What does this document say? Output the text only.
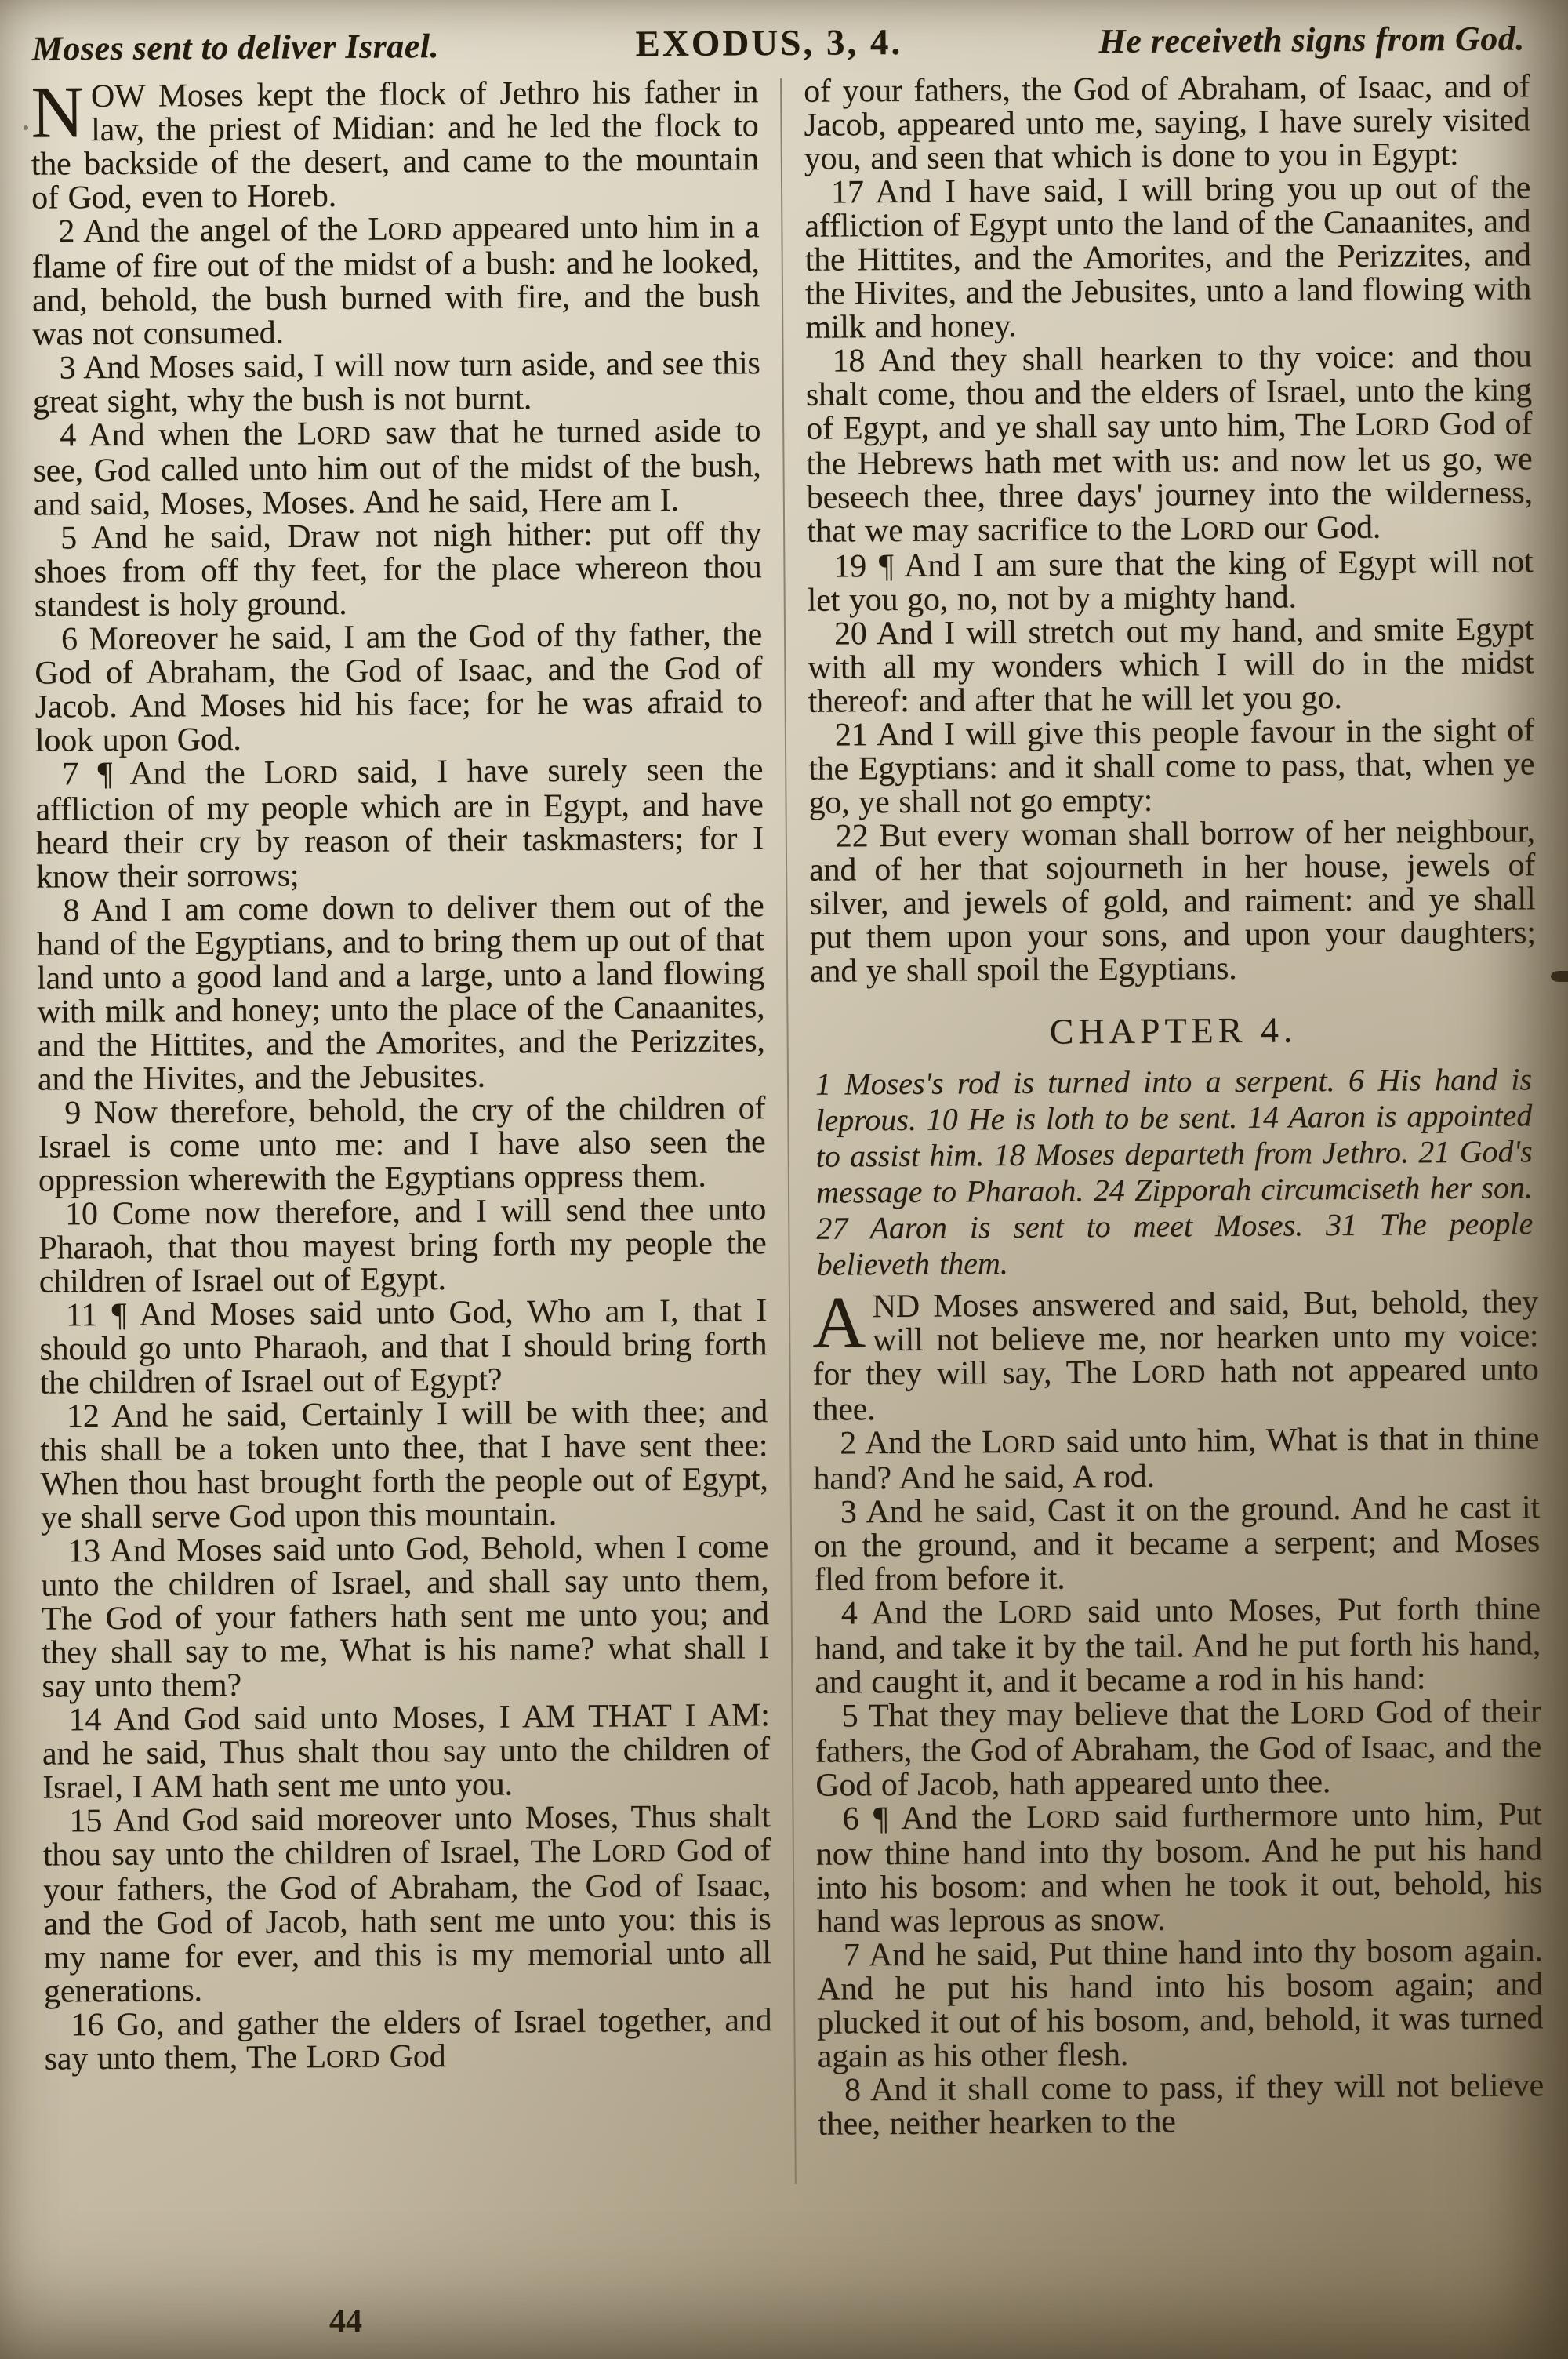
Moses sent to deliver Israel.	EXODUS, 3, 4.	He receiveth signs from God.

NOW Moses kept the flock of Jethro his father in law, the priest of Midian: and he led the flock to the backside of the desert, and came to the mountain of God, even to Horeb.

2 And the angel of the LORD appeared unto him in a flame of fire out of the midst of a bush: and he looked, and, behold, the bush burned with fire, and the bush was not consumed.

3 And Moses said, I will now turn aside, and see this great sight, why the bush is not burnt.

4 And when the LORD saw that he turned aside to see, God called unto him out of the midst of the bush, and said, Moses, Moses. And he said, Here am I.

5 And he said, Draw not nigh hither: put off thy shoes from off thy feet, for the place whereon thou standest is holy ground.

6 Moreover he said, I am the God of thy father, the God of Abraham, the God of Isaac, and the God of Jacob. And Moses hid his face; for he was afraid to look upon God.

7 ¶ And the LORD said, I have surely seen the affliction of my people which are in Egypt, and have heard their cry by reason of their taskmasters; for I know their sorrows;

8 And I am come down to deliver them out of the hand of the Egyptians, and to bring them up out of that land unto a good land and a large, unto a land flowing with milk and honey; unto the place of the Canaanites, and the Hittites, and the Amorites, and the Perizzites, and the Hivites, and the Jebusites.

9 Now therefore, behold, the cry of the children of Israel is come unto me: and I have also seen the oppression wherewith the Egyptians oppress them.

10 Come now therefore, and I will send thee unto Pharaoh, that thou mayest bring forth my people the children of Israel out of Egypt.

11 ¶ And Moses said unto God, Who am I, that I should go unto Pharaoh, and that I should bring forth the children of Israel out of Egypt?

12 And he said, Certainly I will be with thee; and this shall be a token unto thee, that I have sent thee: When thou hast brought forth the people out of Egypt, ye shall serve God upon this mountain.

13 And Moses said unto God, Behold, when I come unto the children of Israel, and shall say unto them, The God of your fathers hath sent me unto you; and they shall say to me, What is his name? what shall I say unto them?

14 And God said unto Moses, I AM THAT I AM: and he said, Thus shalt thou say unto the children of Israel, I AM hath sent me unto you.

15 And God said moreover unto Moses, Thus shalt thou say unto the children of Israel, The LORD God of your fathers, the God of Abraham, the God of Isaac, and the God of Jacob, hath sent me unto you: this is my name for ever, and this is my memorial unto all generations.

16 Go, and gather the elders of Israel together, and say unto them, The LORD God

of your fathers, the God of Abraham, of Isaac, and of Jacob, appeared unto me, saying, I have surely visited you, and seen that which is done to you in Egypt:

17 And I have said, I will bring you up out of the affliction of Egypt unto the land of the Canaanites, and the Hittites, and the Amorites, and the Perizzites, and the Hivites, and the Jebusites, unto a land flowing with milk and honey.

18 And they shall hearken to thy voice: and thou shalt come, thou and the elders of Israel, unto the king of Egypt, and ye shall say unto him, The LORD God of the Hebrews hath met with us: and now let us go, we beseech thee, three days' journey into the wilderness, that we may sacrifice to the LORD our God.

19 ¶ And I am sure that the king of Egypt will not let you go, no, not by a mighty hand.

20 And I will stretch out my hand, and smite Egypt with all my wonders which I will do in the midst thereof: and after that he will let you go.

21 And I will give this people favour in the sight of the Egyptians: and it shall come to pass, that, when ye go, ye shall not go empty:

22 But every woman shall borrow of her neighbour, and of her that sojourneth in her house, jewels of silver, and jewels of gold, and raiment: and ye shall put them upon your sons, and upon your daughters; and ye shall spoil the Egyptians.

CHAPTER 4.

1 Moses's rod is turned into a serpent. 6 His hand is leprous. 10 He is loth to be sent. 14 Aaron is appointed to assist him. 18 Moses departeth from Jethro. 21 God's message to Pharaoh. 24 Zipporah circumciseth her son. 27 Aaron is sent to meet Moses. 31 The people believeth them.

AND Moses answered and said, But, behold, they will not believe me, nor hearken unto my voice: for they will say, The LORD hath not appeared unto thee.

2 And the LORD said unto him, What is that in thine hand? And he said, A rod.

3 And he said, Cast it on the ground. And he cast it on the ground, and it became a serpent; and Moses fled from before it.

4 And the LORD said unto Moses, Put forth thine hand, and take it by the tail. And he put forth his hand, and caught it, and it became a rod in his hand:

5 That they may believe that the LORD God of their fathers, the God of Abraham, the God of Isaac, and the God of Jacob, hath appeared unto thee.

6 ¶ And the LORD said furthermore unto him, Put now thine hand into thy bosom. And he put his hand into his bosom: and when he took it out, behold, his hand was leprous as snow.

7 And he said, Put thine hand into thy bosom again. And he put his hand into his bosom again; and plucked it out of his bosom, and, behold, it was turned again as his other flesh.

8 And it shall come to pass, if they will not believe thee, neither hearken to the

44
